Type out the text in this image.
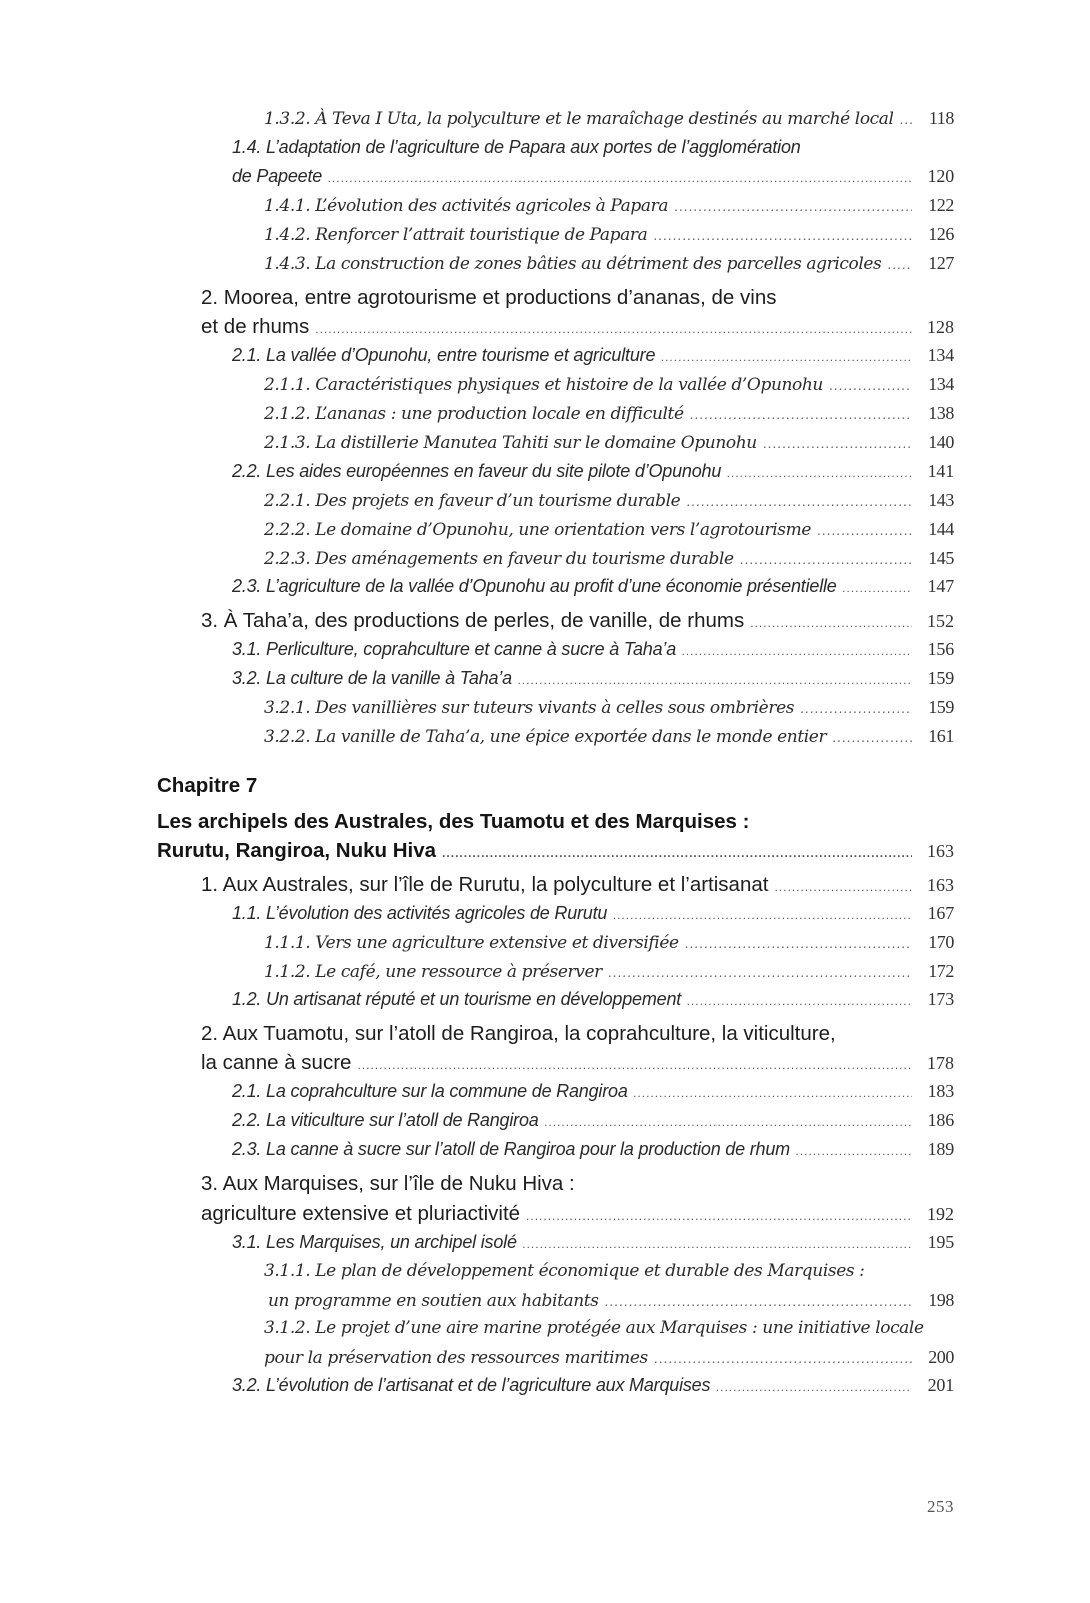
1.3.2. À Teva I Uta, la polyculture et le maraîchage destinés au marché local .....	118
1.4. L’adaptation de l’agriculture de Papara aux portes de l’agglomération
de Papeete .....	120
1.4.1. L’évolution des activités agricoles à Papara .....	122
1.4.2. Renforcer l’attrait touristique de Papara .....	126
1.4.3. La construction de zones bâties au détriment des parcelles agricoles .....	127
2. Moorea, entre agrotourisme et productions d’ananas, de vins
et de rhums .....	128
2.1. La vallée d’Opunohu, entre tourisme et agriculture .....	134
2.1.1. Caractéristiques physiques et histoire de la vallée d’Opunohu .....	134
2.1.2. L’ananas : une production locale en difficulté .....	138
2.1.3. La distillerie Manutea Tahiti sur le domaine Opunohu .....	140
2.2. Les aides européennes en faveur du site pilote d’Opunohu .....	141
2.2.1. Des projets en faveur d’un tourisme durable .....	143
2.2.2. Le domaine d’Opunohu, une orientation vers l’agrotourisme .....	144
2.2.3. Des aménagements en faveur du tourisme durable .....	145
2.3. L’agriculture de la vallée d’Opunohu au profit d’une économie présentielle .....	147
3. À Taha’a, des productions de perles, de vanille, de rhums .....	152
3.1. Perliculture, coprahculture et canne à sucre à Taha’a .....	156
3.2. La culture de la vanille à Taha’a .....	159
3.2.1. Des vanillières sur tuteurs vivants à celles sous ombrières .....	159
3.2.2. La vanille de Taha’a, une épice exportée dans le monde entier .....	161
Chapitre 7
Les archipels des Australes, des Tuamotu et des Marquises :
Rurutu, Rangiroa, Nuku Hiva .....	163
1. Aux Australes, sur l’île de Rurutu, la polyculture et l’artisanat .....	163
1.1. L’évolution des activités agricoles de Rurutu .....	167
1.1.1. Vers une agriculture extensive et diversifiée .....	170
1.1.2. Le café, une ressource à préserver .....	172
1.2. Un artisanat réputé et un tourisme en développement .....	173
2. Aux Tuamotu, sur l’atoll de Rangiroa, la coprahculture, la viticulture,
la canne à sucre .....	178
2.1. La coprahculture sur la commune de Rangiroa .....	183
2.2. La viticulture sur l’atoll de Rangiroa .....	186
2.3. La canne à sucre sur l’atoll de Rangiroa pour la production de rhum .....	189
3. Aux Marquises, sur l’île de Nuku Hiva :
agriculture extensive et pluriactivité .....	192
3.1. Les Marquises, un archipel isolé .....	195
3.1.1. Le plan de développement économique et durable des Marquises :
un programme en soutien aux habitants .....	198
3.1.2. Le projet d’une aire marine protégée aux Marquises : une initiative locale
pour la préservation des ressources maritimes .....	200
3.2. L’évolution de l’artisanat et de l’agriculture aux Marquises .....	201
253
